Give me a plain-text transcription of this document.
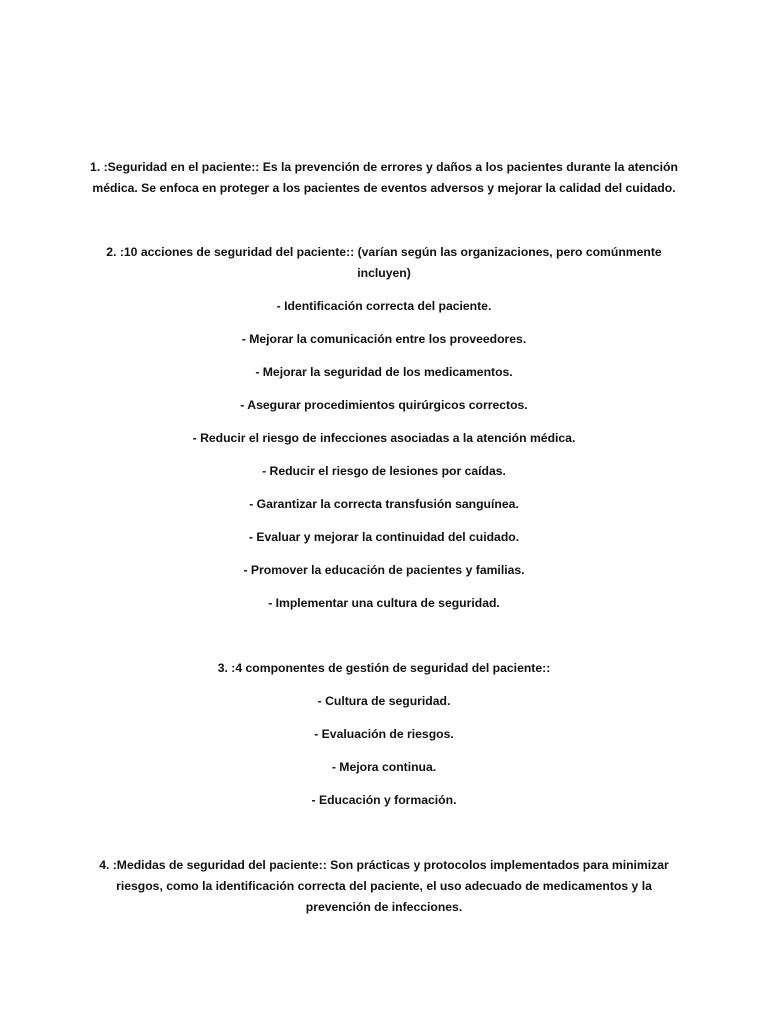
1. :Seguridad en el paciente:: Es la prevención de errores y daños a los pacientes durante la atención
médica. Se enfoca en proteger a los pacientes de eventos adversos y mejorar la calidad del cuidado.
2. :10 acciones de seguridad del paciente:: (varían según las organizaciones, pero comúnmente
incluyen)
- Identificación correcta del paciente.
- Mejorar la comunicación entre los proveedores.
- Mejorar la seguridad de los medicamentos.
- Asegurar procedimientos quirúrgicos correctos.
- Reducir el riesgo de infecciones asociadas a la atención médica.
- Reducir el riesgo de lesiones por caídas.
- Garantizar la correcta transfusión sanguínea.
- Evaluar y mejorar la continuidad del cuidado.
- Promover la educación de pacientes y familias.
- Implementar una cultura de seguridad.
3. :4 componentes de gestión de seguridad del paciente::
- Cultura de seguridad.
- Evaluación de riesgos.
- Mejora continua.
- Educación y formación.
4. :Medidas de seguridad del paciente:: Son prácticas y protocolos implementados para minimizar
riesgos, como la identificación correcta del paciente, el uso adecuado de medicamentos y la
prevención de infecciones.
